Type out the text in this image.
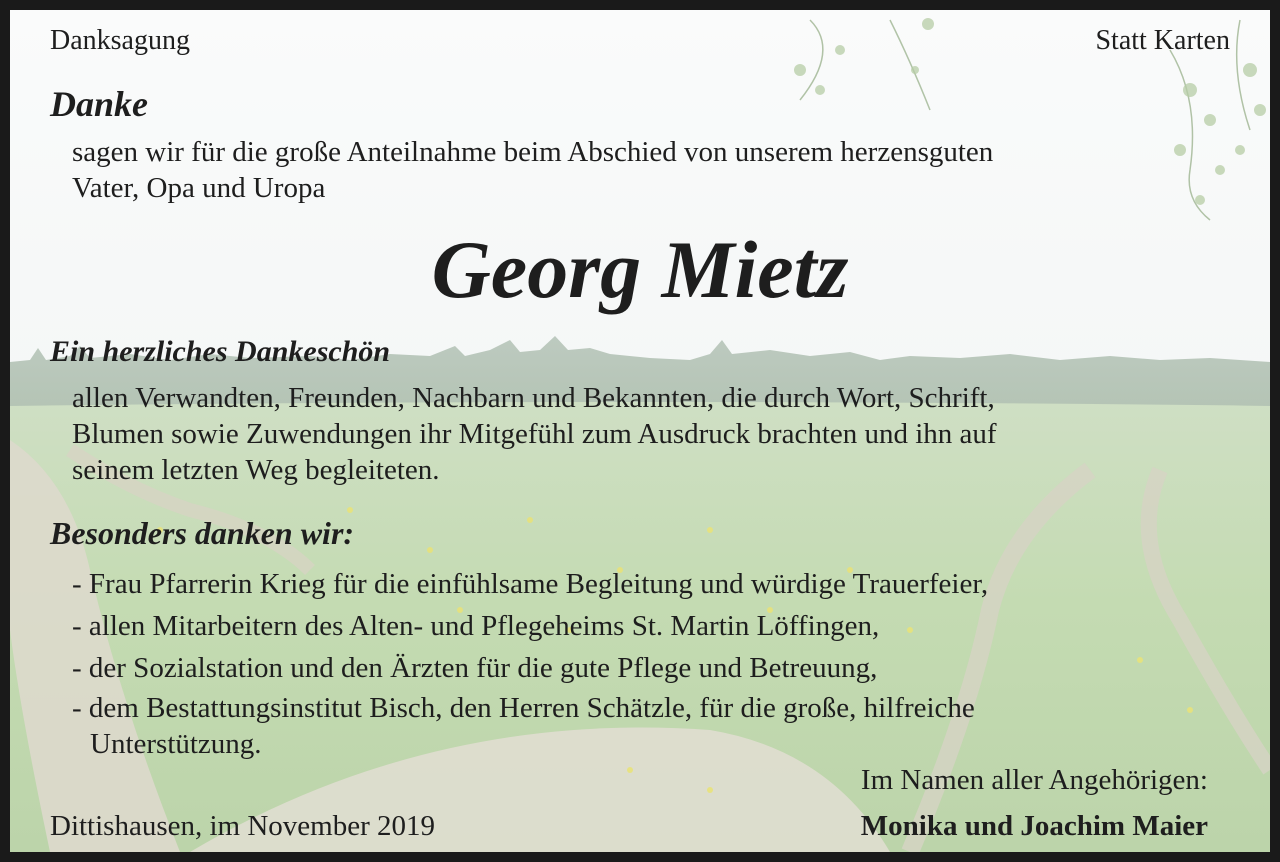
Danksagung	Statt Karten
Danke
sagen wir für die große Anteilnahme beim Abschied von unserem herzensguten
Vater, Opa und Uropa
Georg Mietz
Ein herzliches Dankeschön
allen Verwandten, Freunden, Nachbarn und Bekannten, die durch Wort, Schrift,
Blumen sowie Zuwendungen ihr Mitgefühl zum Ausdruck brachten und ihn auf
seinem letzten Weg begleiteten.
Besonders danken wir:
- Frau Pfarrerin Krieg für die einfühlsame Begleitung und würdige Trauerfeier,
- allen Mitarbeitern des Alten- und Pflegeheims St. Martin Löffingen,
- der Sozialstation und den Ärzten für die gute Pflege und Betreuung,
- dem Bestattungsinstitut Bisch, den Herren Schätzle, für die große, hilfreiche
Unterstützung.
Im Namen aller Angehörigen:
Dittishausen, im November 2019	Monika und Joachim Maier
